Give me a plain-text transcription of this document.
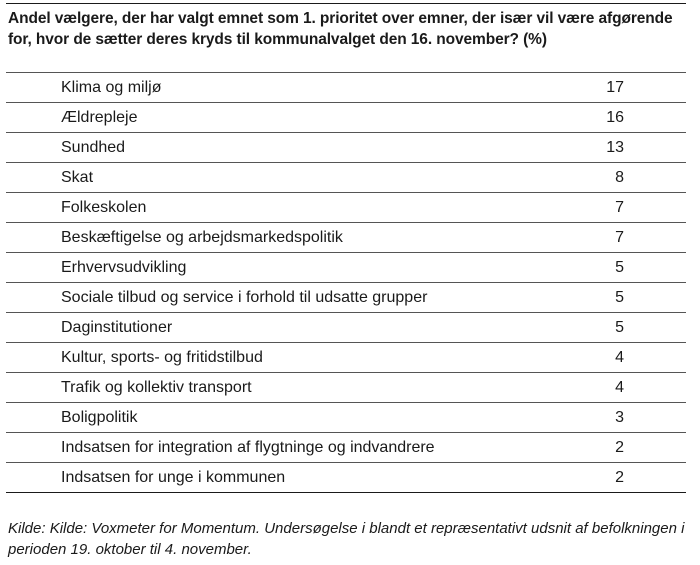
Andel vælgere, der har valgt emnet som 1. prioritet over emner, der især vil være afgørende for, hvor de sætter deres kryds til kommunalvalget den 16. november? (%)

Klima og miljø	17
Ældrepleje	16
Sundhed	13
Skat	8
Folkeskolen	7
Beskæftigelse og arbejdsmarkedspolitik	7
Erhvervsudvikling	5
Sociale tilbud og service i forhold til udsatte grupper	5
Daginstitutioner	5
Kultur, sports- og fritidstilbud	4
Trafik og kollektiv transport	4
Boligpolitik	3
Indsatsen for integration af flygtninge og indvandrere	2
Indsatsen for unge i kommunen	2

Kilde: Kilde: Voxmeter for Momentum. Undersøgelse i blandt et repræsentativt udsnit af befolkningen i perioden 19. oktober til 4. november.
